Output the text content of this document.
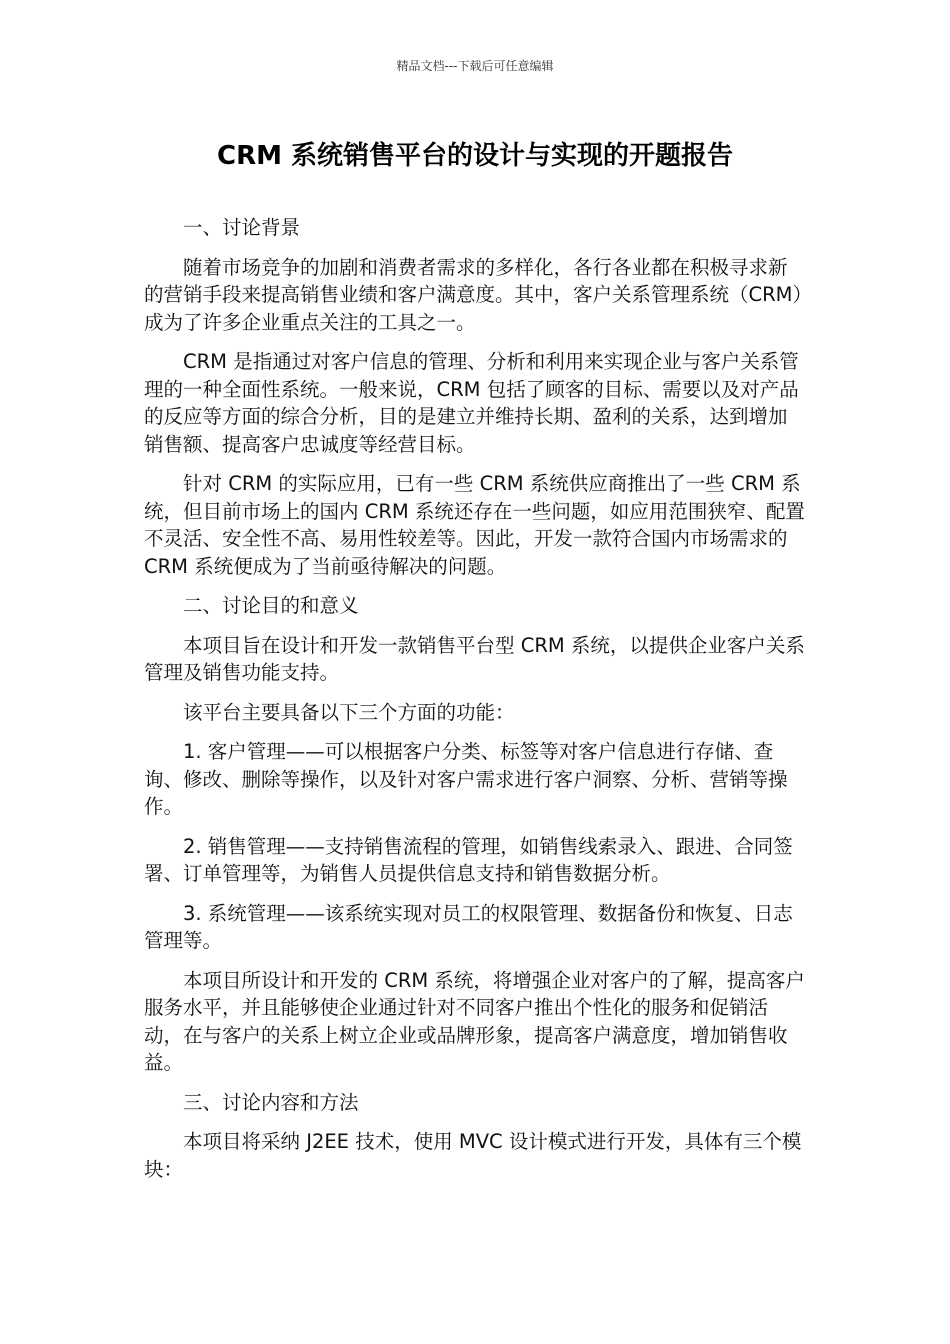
精品文档---下载后可任意编辑
CRM 系统销售平台的设计与实现的开题报告

一、讨论背景

随着市场竞争的加剧和消费者需求的多样化，各行各业都在积极寻求新的营销手段来提高销售业绩和客户满意度。其中，客户关系管理系统（CRM）成为了许多企业重点关注的工具之一。

CRM 是指通过对客户信息的管理、分析和利用来实现企业与客户关系管理的一种全面性系统。一般来说，CRM 包括了顾客的目标、需要以及对产品的反应等方面的综合分析，目的是建立并维持长期、盈利的关系，达到增加销售额、提高客户忠诚度等经营目标。

针对 CRM 的实际应用，已有一些 CRM 系统供应商推出了一些 CRM 系统，但目前市场上的国内 CRM 系统还存在一些问题，如应用范围狭窄、配置不灵活、安全性不高、易用性较差等。因此，开发一款符合国内市场需求的 CRM 系统便成为了当前亟待解决的问题。

二、讨论目的和意义

本项目旨在设计和开发一款销售平台型 CRM 系统，以提供企业客户关系管理及销售功能支持。

该平台主要具备以下三个方面的功能：

1. 客户管理——可以根据客户分类、标签等对客户信息进行存储、查询、修改、删除等操作，以及针对客户需求进行客户洞察、分析、营销等操作。

2. 销售管理——支持销售流程的管理，如销售线索录入、跟进、合同签署、订单管理等，为销售人员提供信息支持和销售数据分析。

3. 系统管理——该系统实现对员工的权限管理、数据备份和恢复、日志管理等。

本项目所设计和开发的 CRM 系统，将增强企业对客户的了解，提高客户服务水平，并且能够使企业通过针对不同客户推出个性化的服务和促销活动，在与客户的关系上树立企业或品牌形象，提高客户满意度，增加销售收益。

三、讨论内容和方法

本项目将采纳 J2EE 技术，使用 MVC 设计模式进行开发，具体有三个模块：
